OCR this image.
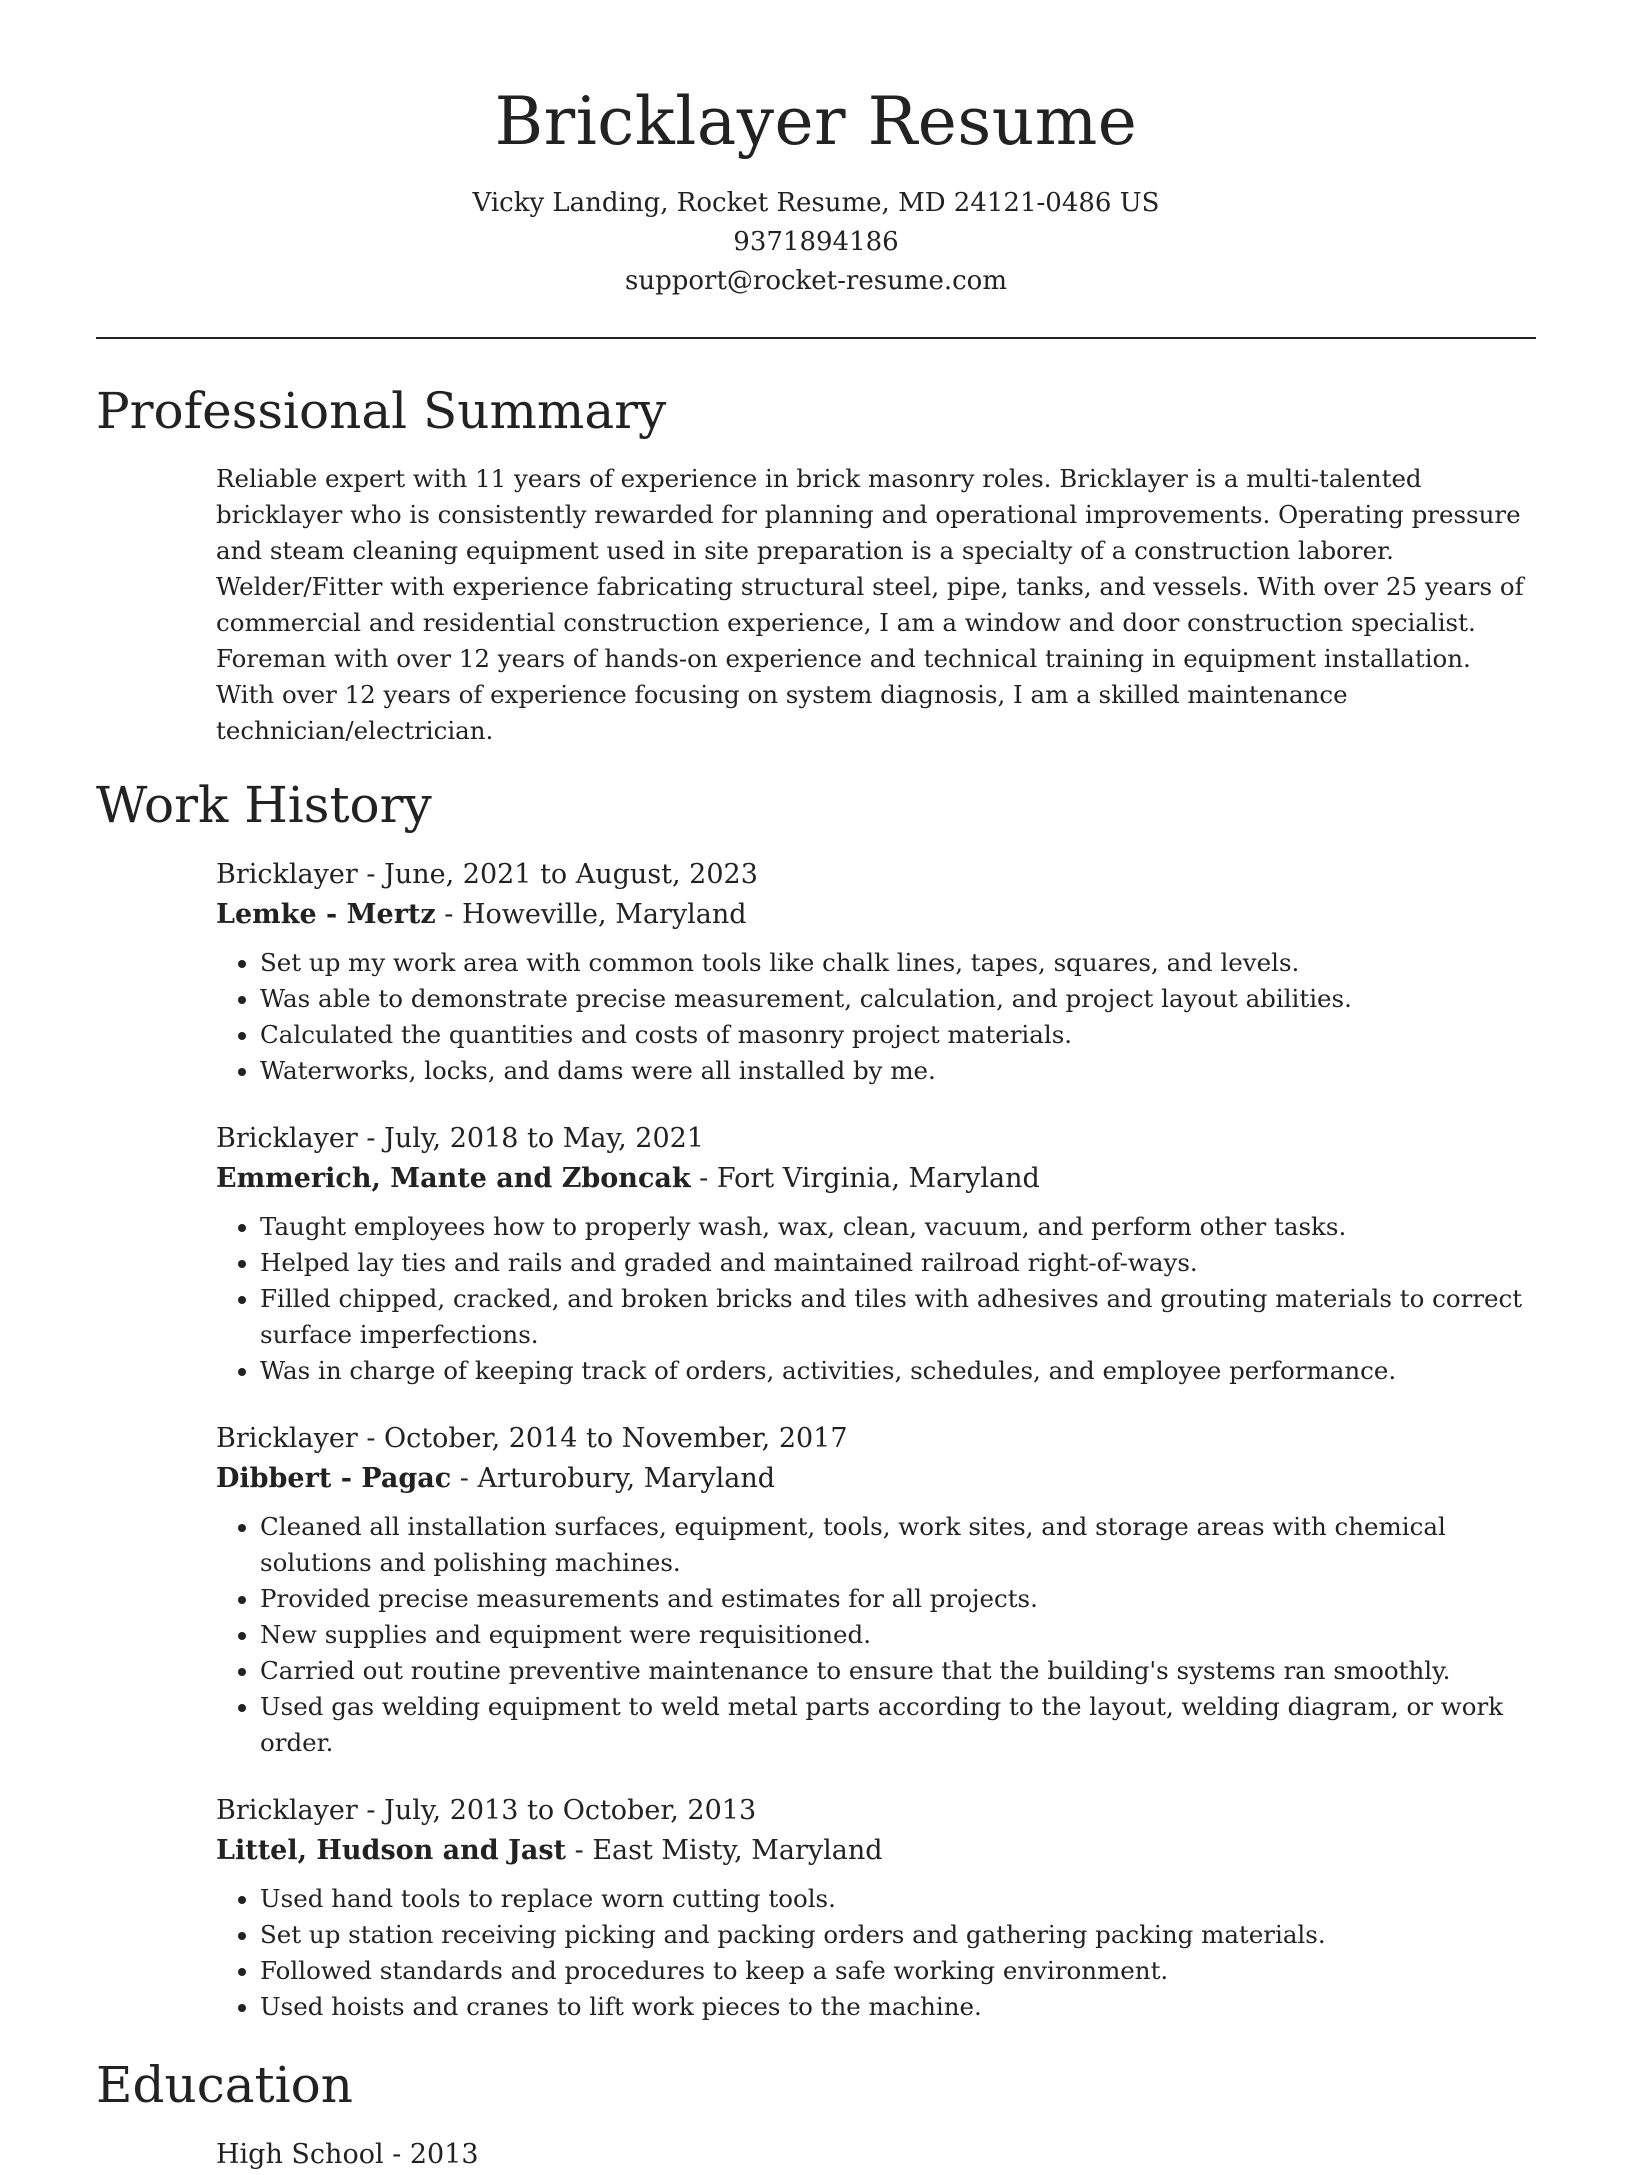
Bricklayer Resume

Vicky Landing, Rocket Resume, MD 24121-0486 US

9371894186

support@rocket-resume.com

Professional Summary

Reliable expert with 11 years of experience in brick masonry roles. Bricklayer is a multi-talented bricklayer who is consistently rewarded for planning and operational improvements. Operating pressure and steam cleaning equipment used in site preparation is a specialty of a construction laborer. Welder/Fitter with experience fabricating structural steel, pipe, tanks, and vessels. With over 25 years of commercial and residential construction experience, I am a window and door construction specialist. Foreman with over 12 years of hands-on experience and technical training in equipment installation. With over 12 years of experience focusing on system diagnosis, I am a skilled maintenance technician/electrician.

Work History

Bricklayer - June, 2021 to August, 2023

Lemke - Mertz - Howeville, Maryland

• Set up my work area with common tools like chalk lines, tapes, squares, and levels.
• Was able to demonstrate precise measurement, calculation, and project layout abilities.
• Calculated the quantities and costs of masonry project materials.
• Waterworks, locks, and dams were all installed by me.

Bricklayer - July, 2018 to May, 2021

Emmerich, Mante and Zboncak - Fort Virginia, Maryland

• Taught employees how to properly wash, wax, clean, vacuum, and perform other tasks.
• Helped lay ties and rails and graded and maintained railroad right-of-ways.
• Filled chipped, cracked, and broken bricks and tiles with adhesives and grouting materials to correct surface imperfections.
• Was in charge of keeping track of orders, activities, schedules, and employee performance.

Bricklayer - October, 2014 to November, 2017

Dibbert - Pagac - Arturobury, Maryland

• Cleaned all installation surfaces, equipment, tools, work sites, and storage areas with chemical solutions and polishing machines.
• Provided precise measurements and estimates for all projects.
• New supplies and equipment were requisitioned.
• Carried out routine preventive maintenance to ensure that the building's systems ran smoothly.
• Used gas welding equipment to weld metal parts according to the layout, welding diagram, or work order.

Bricklayer - July, 2013 to October, 2013

Littel, Hudson and Jast - East Misty, Maryland

• Used hand tools to replace worn cutting tools.
• Set up station receiving picking and packing orders and gathering packing materials.
• Followed standards and procedures to keep a safe working environment.
• Used hoists and cranes to lift work pieces to the machine.
Education

High School - 2013
